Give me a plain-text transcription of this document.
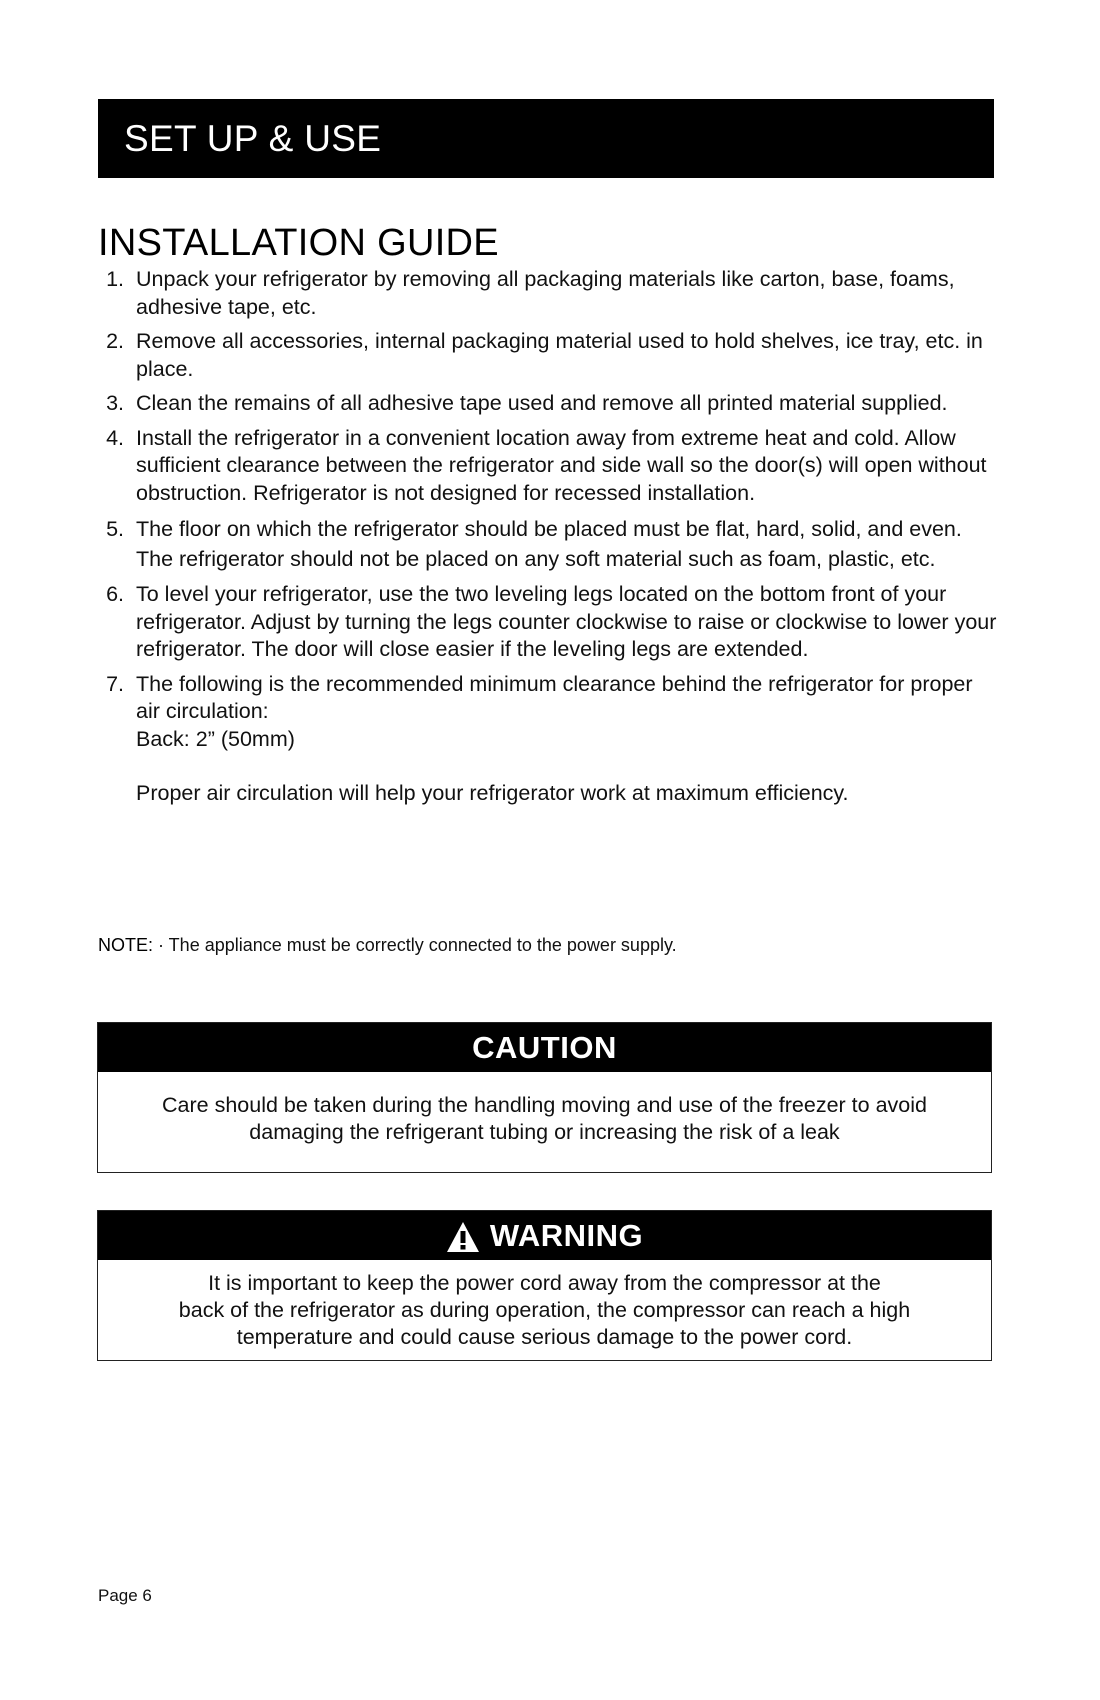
SET UP & USE
INSTALLATION GUIDE
1. Unpack your refrigerator by removing all packaging materials like carton, base, foams, adhesive tape, etc.
2. Remove all accessories, internal packaging material used to hold shelves, ice tray, etc. in place.
3. Clean the remains of all adhesive tape used and remove all printed material supplied.
4. Install the refrigerator in a convenient location away from extreme heat and cold. Allow sufficient clearance between the refrigerator and side wall so the door(s) will open without obstruction. Refrigerator is not designed for recessed installation.
5. The floor on which the refrigerator should be placed must be flat, hard, solid, and even. The refrigerator should not be placed on any soft material such as foam, plastic, etc.
6. To level your refrigerator, use the two leveling legs located on the bottom front of your refrigerator. Adjust by turning the legs counter clockwise to raise or clockwise to lower your refrigerator. The door will close easier if the leveling legs are extended.
7. The following is the recommended minimum clearance behind the refrigerator for proper air circulation:
Back: 2” (50mm)
Proper air circulation will help your refrigerator work at maximum efficiency.
NOTE: · The appliance must be correctly connected to the power supply.
CAUTION
Care should be taken during the handling moving and use of the freezer to avoid damaging the refrigerant tubing or increasing the risk of a leak
WARNING
It is important to keep the power cord away from the compressor at the
back of the refrigerator as during operation, the compressor can reach a high
temperature and could cause serious damage to the power cord.
Page 6
